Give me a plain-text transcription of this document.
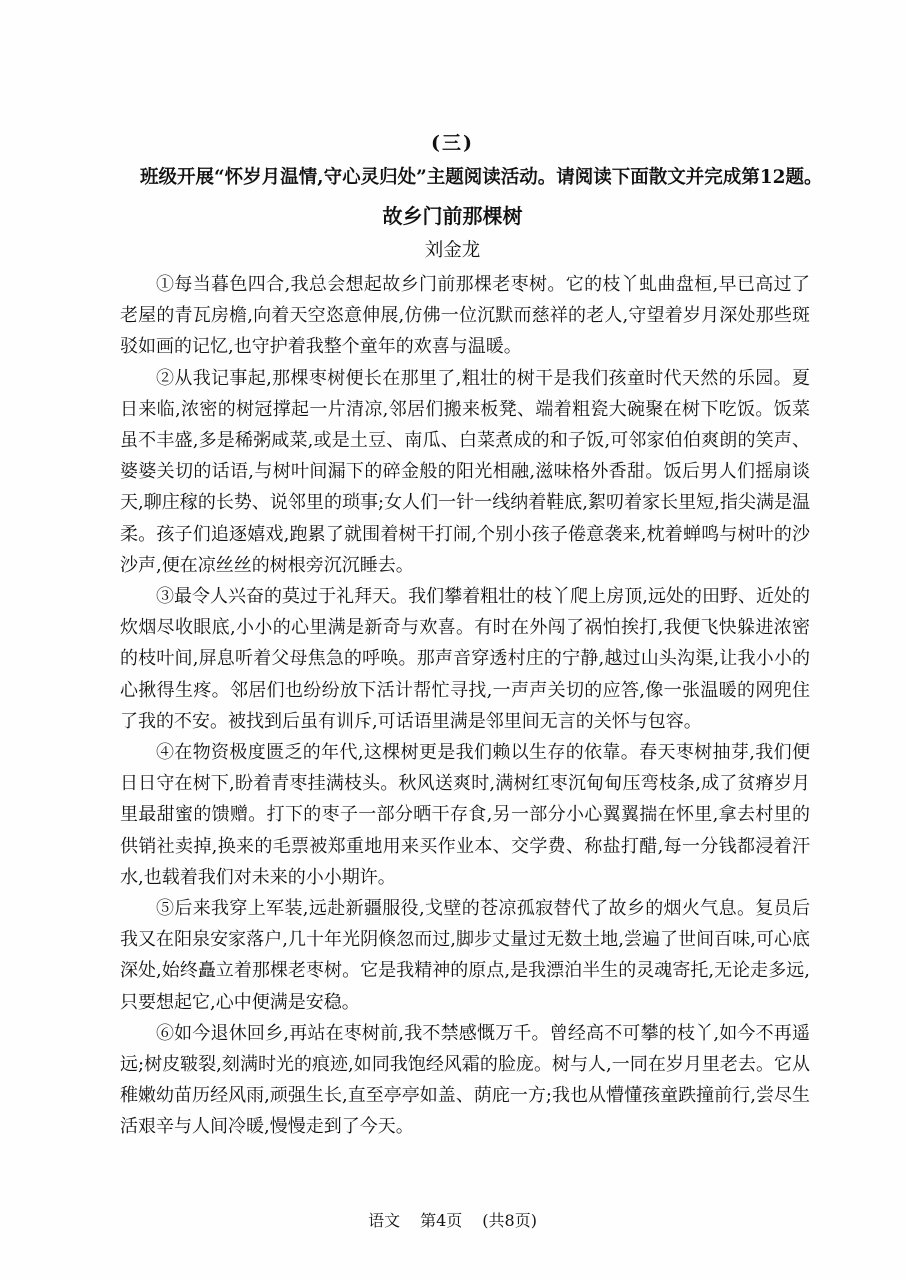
(三)
班级开展“怀岁月温情,守心灵归处”主题阅读活动。请阅读下面散文并完成第12题。
故乡门前那棵树
刘金龙

①每当暮色四合,我总会想起故乡门前那棵老枣树。它的枝丫虬曲盘桓,早已高过了老屋的青瓦房檐,向着天空恣意伸展,仿佛一位沉默而慈祥的老人,守望着岁月深处那些斑驳如画的记忆,也守护着我整个童年的欢喜与温暖。

②从我记事起,那棵枣树便长在那里了,粗壮的树干是我们孩童时代天然的乐园。夏日来临,浓密的树冠撑起一片清凉,邻居们搬来板凳、端着粗瓷大碗聚在树下吃饭。饭菜虽不丰盛,多是稀粥咸菜,或是土豆、南瓜、白菜煮成的和子饭,可邻家伯伯爽朗的笑声、婆婆关切的话语,与树叶间漏下的碎金般的阳光相融,滋味格外香甜。饭后男人们摇扇谈天,聊庄稼的长势、说邻里的琐事;女人们一针一线纳着鞋底,絮叨着家长里短,指尖满是温柔。孩子们追逐嬉戏,跑累了就围着树干打闹,个别小孩子倦意袭来,枕着蝉鸣与树叶的沙沙声,便在凉丝丝的树根旁沉沉睡去。

③最令人兴奋的莫过于礼拜天。我们攀着粗壮的枝丫爬上房顶,远处的田野、近处的炊烟尽收眼底,小小的心里满是新奇与欢喜。有时在外闯了祸怕挨打,我便飞快躲进浓密的枝叶间,屏息听着父母焦急的呼唤。那声音穿透村庄的宁静,越过山头沟渠,让我小小的心揪得生疼。邻居们也纷纷放下活计帮忙寻找,一声声关切的应答,像一张温暖的网兜住了我的不安。被找到后虽有训斥,可话语里满是邻里间无言的关怀与包容。

④在物资极度匮乏的年代,这棵树更是我们赖以生存的依靠。春天枣树抽芽,我们便日日守在树下,盼着青枣挂满枝头。秋风送爽时,满树红枣沉甸甸压弯枝条,成了贫瘠岁月里最甜蜜的馈赠。打下的枣子一部分晒干存食,另一部分小心翼翼揣在怀里,拿去村里的供销社卖掉,换来的毛票被郑重地用来买作业本、交学费、称盐打醋,每一分钱都浸着汗水,也载着我们对未来的小小期许。

⑤后来我穿上军装,远赴新疆服役,戈壁的苍凉孤寂替代了故乡的烟火气息。复员后我又在阳泉安家落户,几十年光阴倏忽而过,脚步丈量过无数土地,尝遍了世间百味,可心底深处,始终矗立着那棵老枣树。它是我精神的原点,是我漂泊半生的灵魂寄托,无论走多远,只要想起它,心中便满是安稳。

⑥如今退休回乡,再站在枣树前,我不禁感慨万千。曾经高不可攀的枝丫,如今不再遥远;树皮皲裂,刻满时光的痕迹,如同我饱经风霜的脸庞。树与人,一同在岁月里老去。它从稚嫩幼苗历经风雨,顽强生长,直至亭亭如盖、荫庇一方;我也从懵懂孩童跌撞前行,尝尽生活艰辛与人间冷暖,慢慢走到了今天。

语文 第4页 (共8页)
